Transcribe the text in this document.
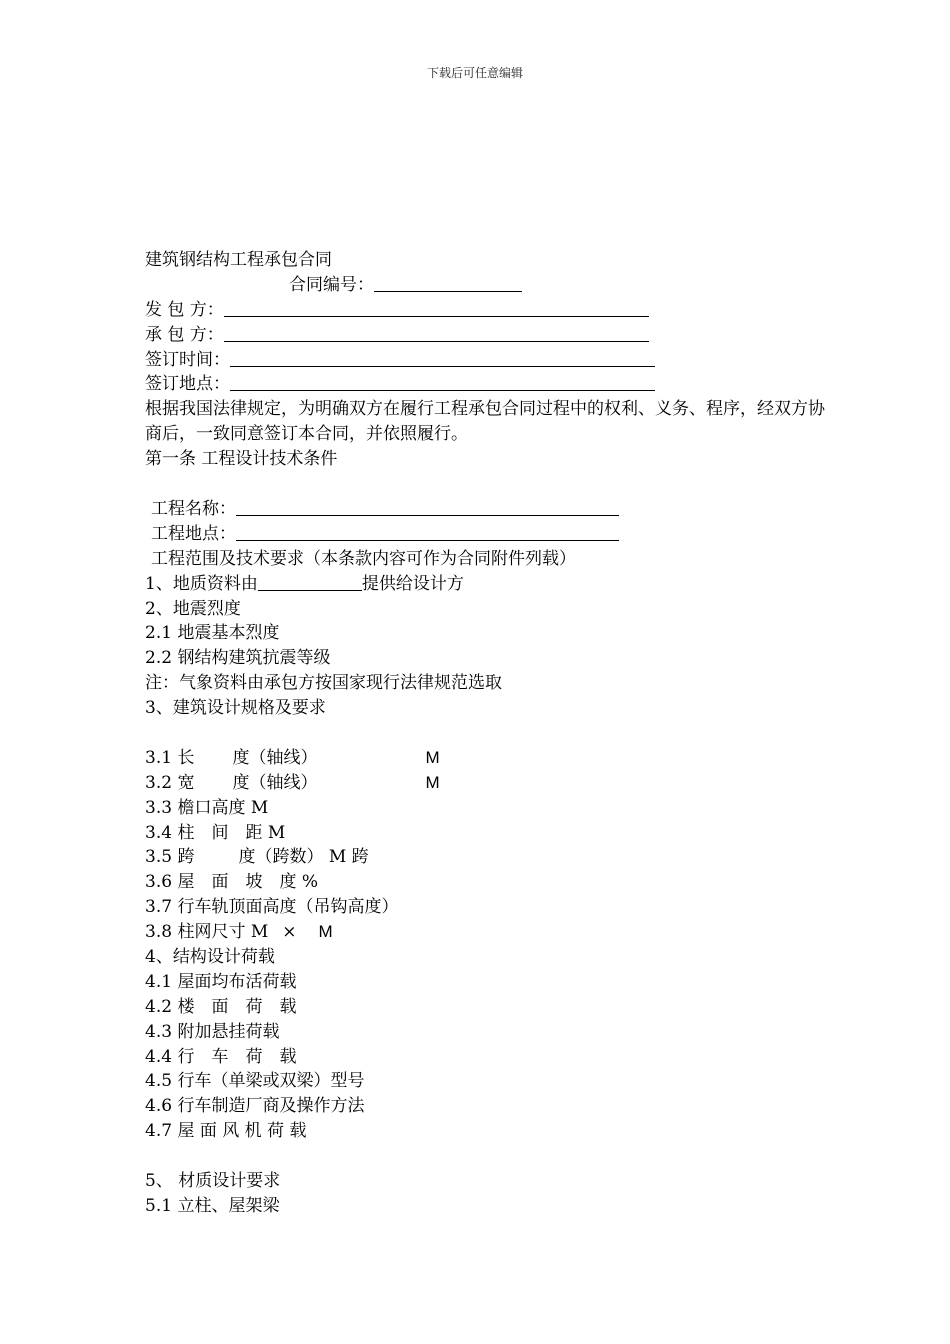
下载后可任意编辑
建筑钢结构工程承包合同
合同编号：
发 包 方：
承 包 方：
签订时间：
签订地点：
根据我国法律规定，为明确双方在履行工程承包合同过程中的权利、义务、程序，经双方协商后，一致同意签订本合同，并依照履行。
第一条 工程设计技术条件
工程名称：
工程地点：
工程范围及技术要求（本条款内容可作为合同附件列载）
1、地质资料由	提供给设计方
2、地震烈度
2.1 地震基本烈度
2.2 钢结构建筑抗震等级
注：气象资料由承包方按国家现行法律规范选取
3、建筑设计规格及要求
3.1 长 度（轴线）	M
3.2 宽 度（轴线）	M
3.3 檐口高度 M
3.4 柱　间　距 M
3.5 跨	度（跨数） M 跨
3.6 屋　面　坡　度 %
3.7 行车轨顶面高度（吊钩高度）
3.8 柱网尺寸 M × M
4、结构设计荷载
4.1 屋面均布活荷载
4.2 楼　面　荷　载
4.3 附加悬挂荷载
4.4 行　车　荷　载
4.5 行车（单梁或双梁）型号
4.6 行车制造厂商及操作方法
4.7 屋 面 风 机 荷 载
5、 材质设计要求
5.1 立柱、屋架梁
